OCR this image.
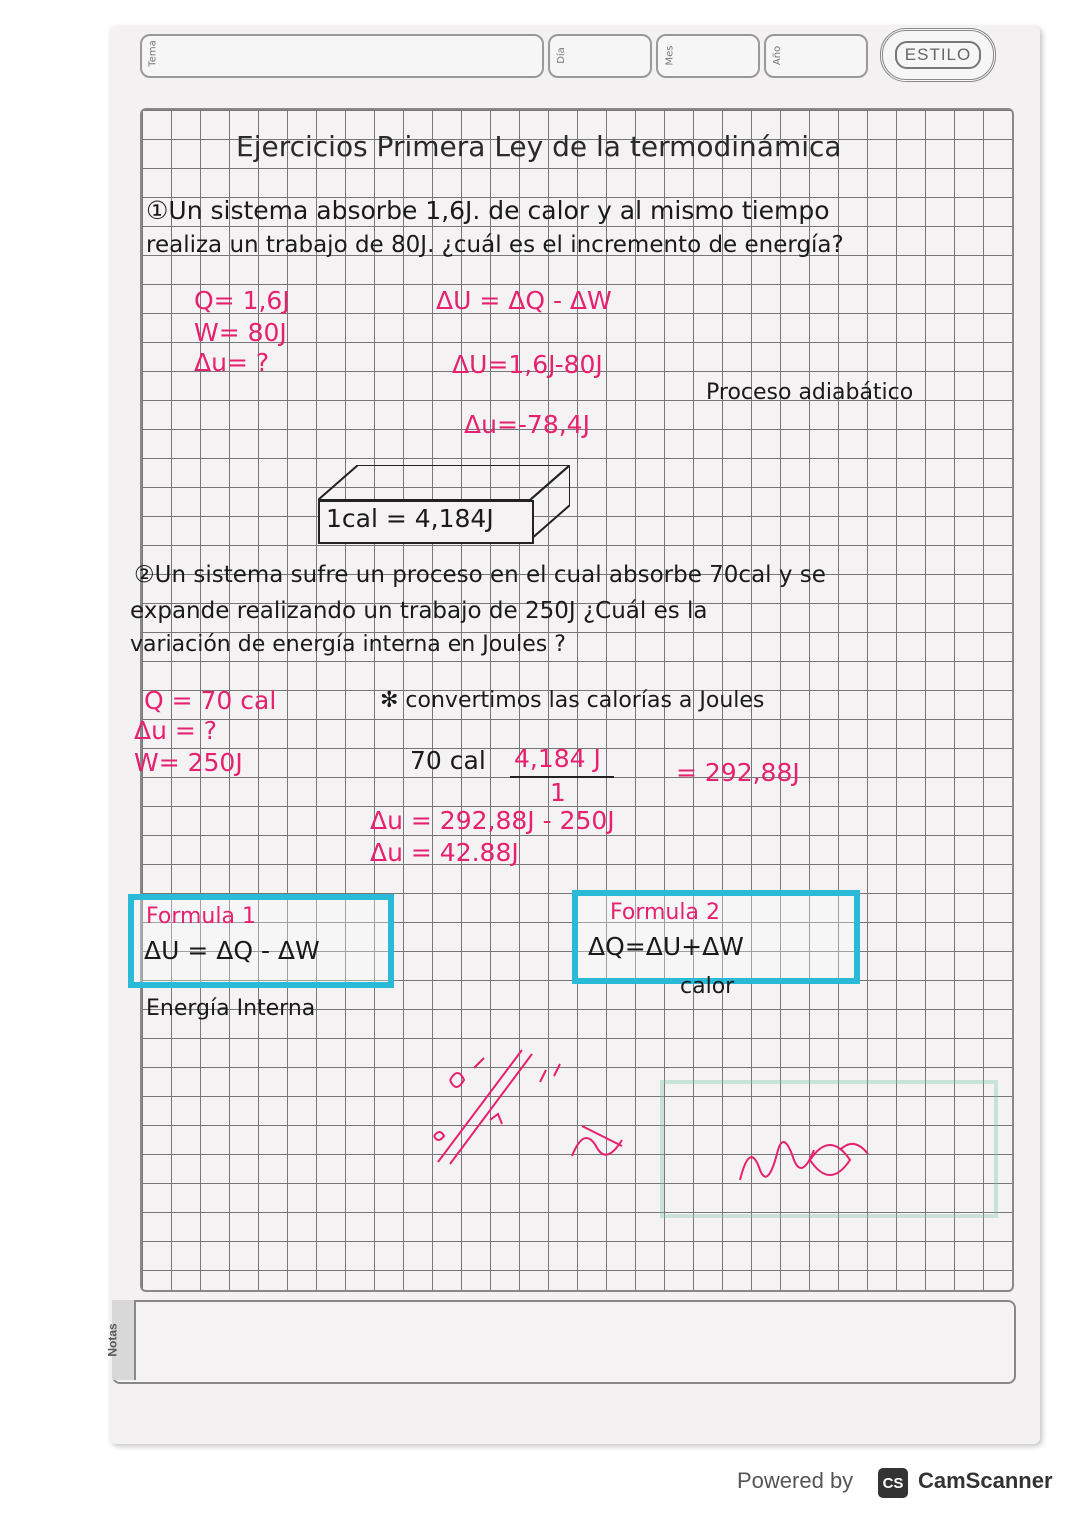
Tema	Día	Mes	Año	ESTILO
Ejercicios Primera Ley de la termodinámica
①Un sistema absorbe 1,6J. de calor y al mismo tiempo
realiza un trabajo de 80J. ¿cuál es el incremento de energía?
Q= 1,6J
W= 80J
Δu= ?
ΔU = ΔQ - ΔW
ΔU=1,6J-80J
Δu=-78,4J
Proceso adiabático
1cal = 4,184J
②Un sistema sufre un proceso en el cual absorbe 70cal y se
expande realizando un trabajo de 250J ¿Cuál es la
variación de energía interna en Joules ?
Q = 70 cal
Δu = ?
W= 250J
✻ convertimos las calorías a Joules
70 cal 4,184 J
1
= 292,88J
Δu = 292,88J - 250J
Δu = 42.88J
Formula 1
ΔU = ΔQ - ΔW
Energía Interna
Formula 2
ΔQ=ΔU+ΔW
calor
Notas
Powered by	CS CamScanner
